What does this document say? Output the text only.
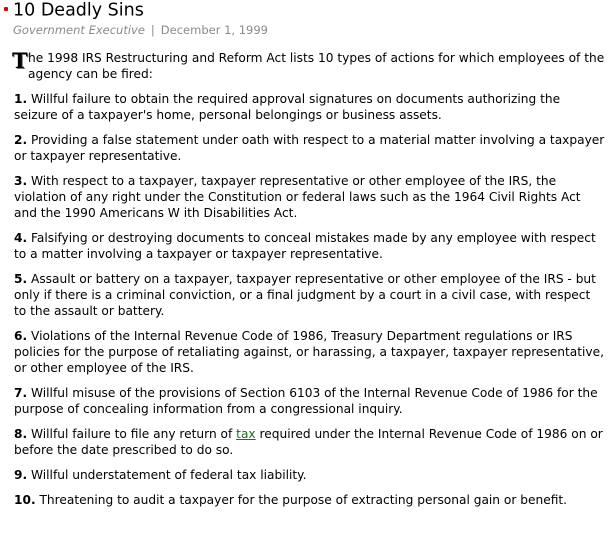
10 Deadly Sins
Government Executive | December 1, 1999

T he 1998 IRS Restructuring and Reform Act lists 10 types of actions for which employees of the agency can be fired:

1. Willful failure to obtain the required approval signatures on documents authorizing the seizure of a taxpayer's home, personal belongings or business assets.

2. Providing a false statement under oath with respect to a material matter involving a taxpayer or taxpayer representative.

3. With respect to a taxpayer, taxpayer representative or other employee of the IRS, the violation of any right under the Constitution or federal laws such as the 1964 Civil Rights Act and the 1990 Americans W ith Disabilities Act.

4. Falsifying or destroying documents to conceal mistakes made by any employee with respect to a matter involving a taxpayer or taxpayer representative.

5. Assault or battery on a taxpayer, taxpayer representative or other employee of the IRS - but only if there is a criminal conviction, or a final judgment by a court in a civil case, with respect to the assault or battery.

6. Violations of the Internal Revenue Code of 1986, Treasury Department regulations or IRS policies for the purpose of retaliating against, or harassing, a taxpayer, taxpayer representative, or other employee of the IRS.

7. Willful misuse of the provisions of Section 6103 of the Internal Revenue Code of 1986 for the purpose of concealing information from a congressional inquiry.

8. Willful failure to file any return of tax required under the Internal Revenue Code of 1986 on or before the date prescribed to do so.

9. Willful understatement of federal tax liability.

10. Threatening to audit a taxpayer for the purpose of extracting personal gain or benefit.
